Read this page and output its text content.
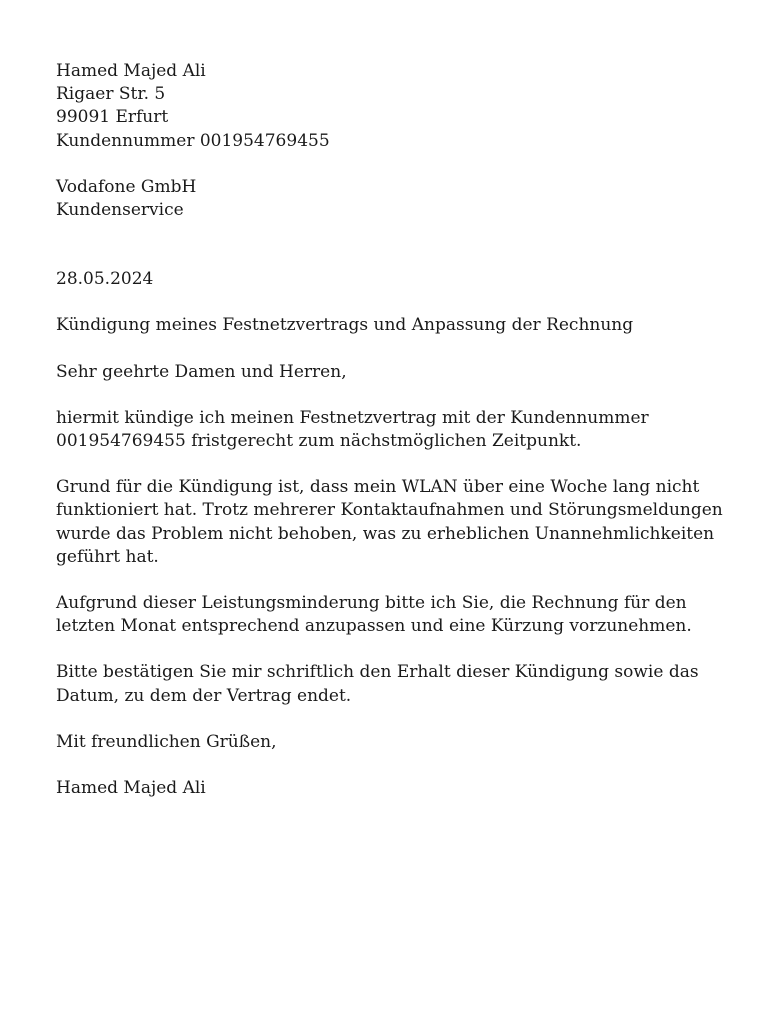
Hamed Majed Ali
Rigaer Str. 5
99091 Erfurt
Kundennummer 001954769455
Vodafone GmbH
Kundenservice
28.05.2024
Kündigung meines Festnetzvertrags und Anpassung der Rechnung
Sehr geehrte Damen und Herren,
hiermit kündige ich meinen Festnetzvertrag mit der Kundennummer
001954769455 fristgerecht zum nächstmöglichen Zeitpunkt.
Grund für die Kündigung ist, dass mein WLAN über eine Woche lang nicht
funktioniert hat. Trotz mehrerer Kontaktaufnahmen und Störungsmeldungen
wurde das Problem nicht behoben, was zu erheblichen Unannehmlichkeiten
geführt hat.
Aufgrund dieser Leistungsminderung bitte ich Sie, die Rechnung für den
letzten Monat entsprechend anzupassen und eine Kürzung vorzunehmen.
Bitte bestätigen Sie mir schriftlich den Erhalt dieser Kündigung sowie das
Datum, zu dem der Vertrag endet.
Mit freundlichen Grüßen,
Hamed Majed Ali
